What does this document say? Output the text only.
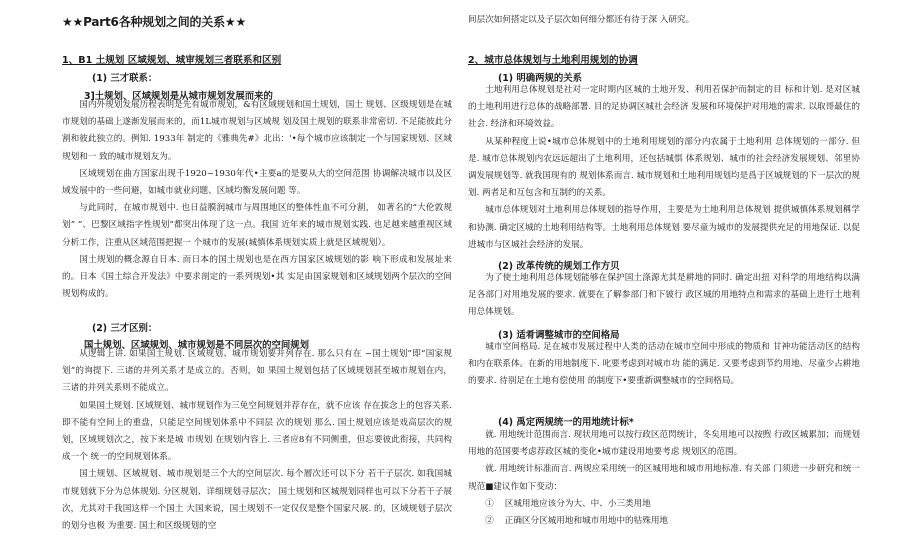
★★Part6各种规划之间的关系★★
1、B1 土规划 区域规划、城审规划三者联系和区别
(1) 三才联系：
3]土规划、区域规划是从城市规划发展而来的

国内外规划发展历程表明是先有城市规划，&有区域规划和国土规划，国土 规划、区级规划是在城市规划的基础上遂渐发展而来的，而1L城市规划与区域规 划及国土规划的联系非常密切. 不足能彼此分割和彼此独立的。例知. 1933年 制定的《雅典先#》北出：'•每个城市应该制定一个与国家规划、区域规划和一 致的城市规划友为。

区域规划在曲方国家出现千1920~1930年代•主要a的是要从大的空间范围 协调解决城市以及区域发展中的一些问避，如城市就业问题、区域均衡发展问题 等。

与此同时，在城市规划中. 也日益膜润城市与周围地区的整体性血不可分割， 如著名的“大伦敦规划” “、巴黎区域指字性规划”都突出体现了这一点。我国 近年来的城市规划实践. 也足越来越重视区域分析工作，注重从区域范围把握一 个城市的发展(城慎体系规划实质上就是区域规划）。

国土规划的概念源自日本. 而日本的国土规划也是在西方国家区城规划的影 响下形成和发展址来的。日本《国土综合开发法》中要求剖定的一系列规划•其 实足由国家规划和区域规划两个层次的空间规划构成的。

(2) 三才区别：
国土规划、区域规划、城市规划是不同层次的空间规划

从逻辑上讲. 如果国土规划. 区域规划、城市规划要并列存在. 那么只有在 ~国土规划”即“国家规划”的询提下. 三诸的并列关系才是成立的。否则，如 果国土规划包括了区域规划甚至城市规划在内，三诸的并列关系则不能成立。

如果国土规划. 区域规划、城市规划作为三免空间规划并荐存在，就不应该 存在拔念上的包容关系. 即不能有空间上的重盘，只能足空间规划体系中不同层 次的规划 那么. 国土规划应该是戏高层次的规划，区域规划次之，按下来是城 市规划 在规划内容上. 三者应8有不同侧重，但忘要彼此衔接，共同构成一个 统一的空间规划体系。

国土规划、区域规划、城市规划是三个大的空间层次. 每个層次还可以下分 若干子层次. 如我国城市规划就下分为总体规划. 分区规划、详细规划寻层次； 国土规划和区城规划同样也可以下分若干子展次，尤其对千我国这样一个国土 大国来说，国土规划不一定仅仅是整个国家尺展. 的，区域规划子层次的划分也极 为重要. 国土和区级规划的空

间层次如何搭定以及子层次如何细分都还有待于深 入研究。
2、城市总体规划与土地利用规划的协调
(1) 明确两规的关系

土地利用总体规划是社对一定时期内区城的土地开发、利用若保护而制定的目 标和计划. 是对区城的土地利用进行总体的战略部署. 目的足协调区城社会经济 发展和环境保护对用地的需求. 以取哥最住的社会. 经济和环境效益。

从某种程度上说•城市总体规划中的土地利用规划的部分内农属于土地利用 总体规划的一部分. 但是. 城市总体规划内农远远超出了土地利用，还包括城惧 体系规划、城市的社会经济发展规划、邻里协调发展规划等. 就我国现有的 规划体系而言. 城市规划和土地利用规划均是爲于区城规划的下一层次的规划. 两者足和互包含和互制约的关系。

城市总体规划对土地利用总体规划的指导作用，主要是为土地利用总体规划 提供城慎体系规划稱学和协测. 确定区城的土地利用结构等。土地利用总体规划 要尽童为城市的发展提供充足的用地保证. 以促进城市与区城社会经济的发展。

(2) 改革传统的规划工作方贝

为了使土地利用总体规划能够在保护国土涤源尤其是耕地的同时. 确定出扭 对科学的用地结构以满足各部门对用地发展的要求. 就要在了解参部门和下铍行 政区城的用地特点和需求的基础上进行土地利用总体规划。

(3) 适肴调整城市的空间格局

城市空间格局. 足在城市发展过程中人类的活动在城市空间中形成的物质和 甘神功能活动区的结构和内在联系体。在新的用地制度下. 叱要考虑到对城市功 能的满足. 又要考虑到节约用地、尽童少占耕地的要求. 待别足在土地有偿使用 的制度下•要重新调整城市的空间格局。

(4) 禹定两规统一的用地统计标*

就. 用地统计范围而言. 现状用地可以按行政区范閃统计，冬矣用地可以按煦 行政区城累加；而规划用地的范国要考虑荐政区城的变化•城市建设用地要考虑 规划区的范围。

就. 用地统计标准而言. 两规应采用统一的区城用地和城市用地标准. 有关部 门须进一步研究和统一规范■建议作如下变动：

① 区城用地应该分为大、中、小三类用地

② 正确区分区城用地和城市用地中的牯殊用地
